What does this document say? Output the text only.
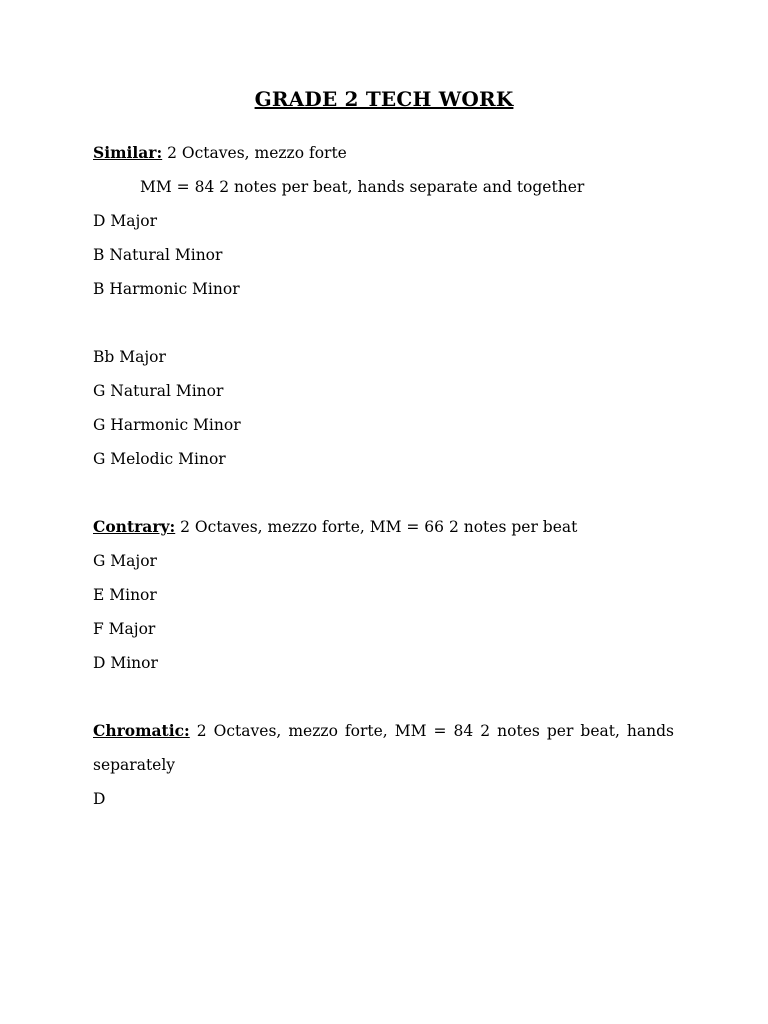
GRADE 2 TECH WORK
Similar: 2 Octaves, mezzo forte
MM = 84 2 notes per beat, hands separate and together
D Major
B Natural Minor
B Harmonic Minor
Bb Major
G Natural Minor
G Harmonic Minor
G Melodic Minor
Contrary: 2 Octaves, mezzo forte, MM = 66 2 notes per beat
G Major
E Minor
F Major
D Minor
Chromatic: 2 Octaves, mezzo forte, MM = 84 2 notes per beat, hands
separately
D
